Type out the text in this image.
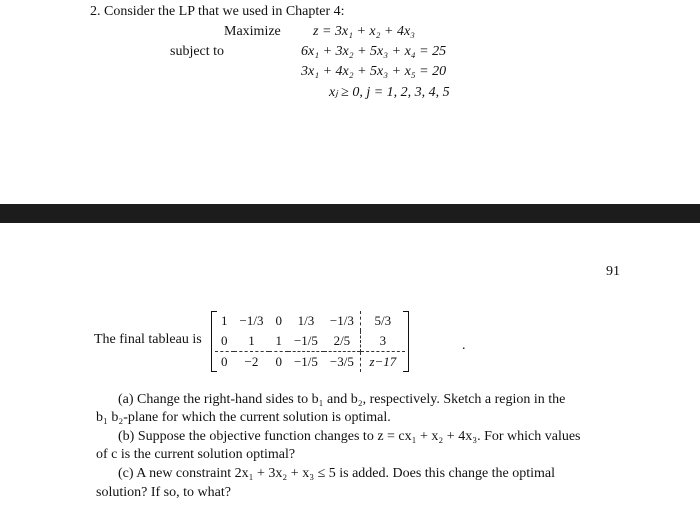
2. Consider the LP that we used in Chapter 4:
Maximize z = 3x₁ + x₂ + 4x₃
subject to	6x₁ + 3x₂ + 5x₃ + x₄ = 25
3x₁ + 4x₂ + 5x₃ + x₅ = 20
xⱼ ≥ 0, j = 1, 2, 3, 4, 5
91
The final tableau is
1	−1/3	0	1/3	−1/3	5/3
0	1	1	−1/5	2/5	3
0	−2	0	−1/5	−3/5	z−17
.
(a) Change the right-hand sides to b₁ and b₂, respectively. Sketch a region in the
b₁ b₂-plane for which the current solution is optimal.
(b) Suppose the objective function changes to z = cx₁ + x₂ + 4x₃. For which values
of c is the current solution optimal?
(c) A new constraint 2x₁ + 3x₂ + x₃ ≤ 5 is added. Does this change the optimal
solution? If so, to what?
